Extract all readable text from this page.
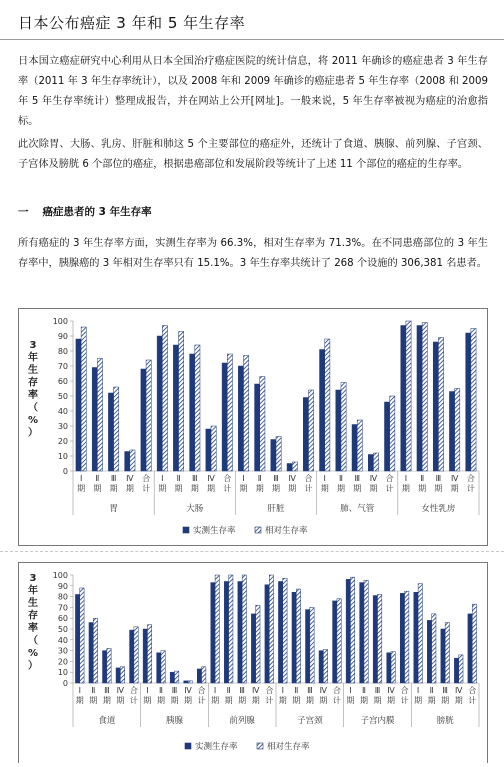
日本公布癌症 3 年和 5 年生存率
日本国立癌症研究中心利用从日本全国治疗癌症医院的统计信息，将 2011 年确诊的癌症患者 3 年生存率（2011 年 3 年生存率统计），以及 2008 年和 2009 年确诊的癌症患者 5 年生存率（2008 和 2009 年 5 年生存率统计）整理成报告，并在网站上公开[网址]。一般来说，5 年生存率被视为癌症的治愈指标。
此次除胃、大肠、乳房、肝脏和肺这 5 个主要部位的癌症外，还统计了食道、胰腺、前列腺、子宫颈、子宫体及膀胱 6 个部位的癌症，根据患癌部位和发展阶段等统计了上述 11 个部位的癌症的生存率。
一 癌症患者的 3 年生存率
所有癌症的 3 年生存率方面，实测生存率为 66.3%，相对生存率为 71.3%。在不同患癌部位的 3 年生存率中，胰腺癌的 3 年相对生存率只有 15.1%。3 年生存率共统计了 268 个设施的 306,381 名患者。
0
10
20
30
40
50
60
70
80
90
100
3
年
生
存
率
（
%
）
Ⅰ
期
Ⅱ
期
Ⅲ
期
Ⅳ
期
合
计
Ⅰ
期
Ⅱ
期
Ⅲ
期
Ⅳ
期
合
计
Ⅰ
期
Ⅱ
期
Ⅲ
期
Ⅳ
期
合
计
Ⅰ
期
Ⅱ
期
Ⅲ
期
Ⅳ
期
合
计
Ⅰ
期
Ⅱ
期
Ⅲ
期
Ⅳ
期
合
计
胃	大肠	肝脏	肺、气管	女性乳房
实测生存率	相对生存率
0
10
20
30
40
50
60
70
80
90
100
3
年
生
存
率
（
%
）
Ⅰ
期
Ⅱ
期
Ⅲ
期
Ⅳ
期
合
计
Ⅰ
期
Ⅱ
期
Ⅲ
期
Ⅳ
期
合
计
Ⅰ
期
Ⅱ
期
Ⅲ
期
Ⅳ
期
合
计
Ⅰ
期
Ⅱ
期
Ⅲ
期
Ⅳ
期
合
计
Ⅰ
期
Ⅱ
期
Ⅲ
期
Ⅳ
期
合
计
Ⅰ
期
Ⅱ
期
Ⅲ
期
Ⅳ
期
合
计
食道	胰腺	前列腺	子宫颈	子宫内膜	膀胱
实测生存率	相对生存率
